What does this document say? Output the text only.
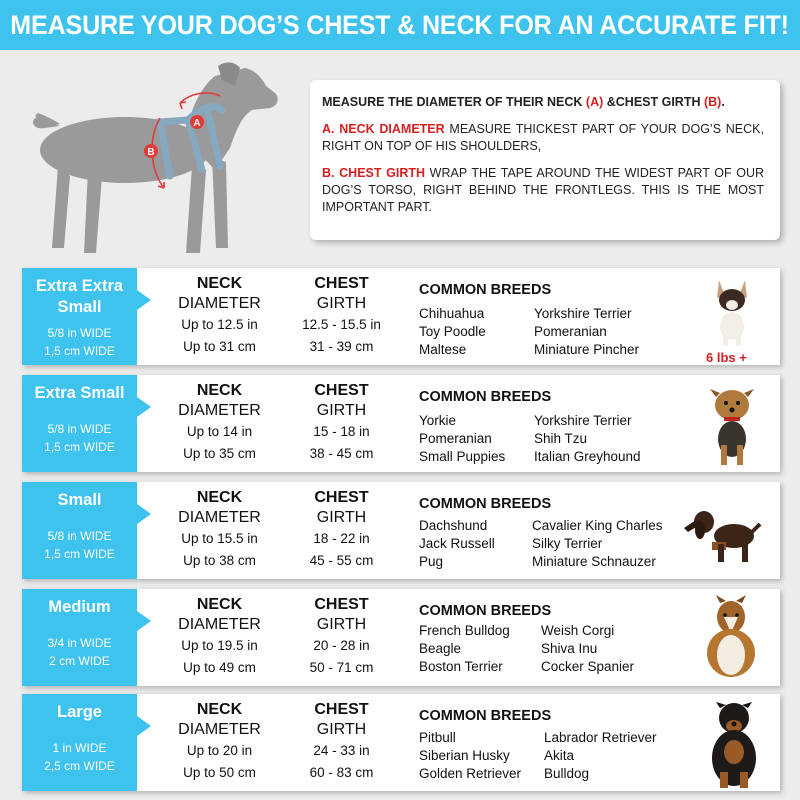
MEASURE YOUR DOG’S CHEST & NECK FOR AN ACCURATE FIT!
A
B
MEASURE THE DIAMETER OF THEIR NECK (A) &CHEST GIRTH (B).
A. NECK DIAMETER MEASURE THICKEST PART OF YOUR DOG’S NECK, RIGHT ON TOP OF HIS SHOULDERS,
B. CHEST GIRTH WRAP THE TAPE AROUND THE WIDEST PART OF OUR DOG’S TORSO, RIGHT BEHIND THE FRONTLEGS. THIS IS THE MOST IMPORTANT PART.
Extra Extra
Small
5/8 in WIDE
1,5 cm WIDE
NECK
DIAMETER
Up to 12.5 in
Up to 31 cm
CHEST
GIRTH
12.5 - 15.5 in
31 - 39 cm
COMMON BREEDS
Chihuahua
Toy Poodle
Maltese
Yorkshire Terrier
Pomeranian
Miniature Pincher
6 lbs +
Extra Small
5/8 in WIDE
1,5 cm WIDE
NECK
DIAMETER
Up to 14 in
Up to 35 cm
CHEST
GIRTH
15 - 18 in
38 - 45 cm
COMMON BREEDS
Yorkie
Pomeranian
Small Puppies
Yorkshire Terrier
Shih Tzu
Italian Greyhound
Small
5/8 in WIDE
1,5 cm WIDE
NECK
DIAMETER
Up to 15.5 in
Up to 38 cm
CHEST
GIRTH
18 - 22 in
45 - 55 cm
COMMON BREEDS
Dachshund
Jack Russell
Pug
Cavalier King Charles
Silky Terrier
Miniature Schnauzer
Medium
3/4 in WIDE
2 cm WIDE
NECK
DIAMETER
Up to 19.5 in
Up to 49 cm
CHEST
GIRTH
20 - 28 in
50 - 71 cm
COMMON BREEDS
French Bulldog
Beagle
Boston Terrier
Weish Corgi
Shiva Inu
Cocker Spanier
Large
1 in WIDE
2,5 cm WIDE
NECK
DIAMETER
Up to 20 in
Up to 50 cm
CHEST
GIRTH
24 - 33 in
60 - 83 cm
COMMON BREEDS
Pitbull
Siberian Husky
Golden Retriever
Labrador Retriever
Akita
Bulldog
